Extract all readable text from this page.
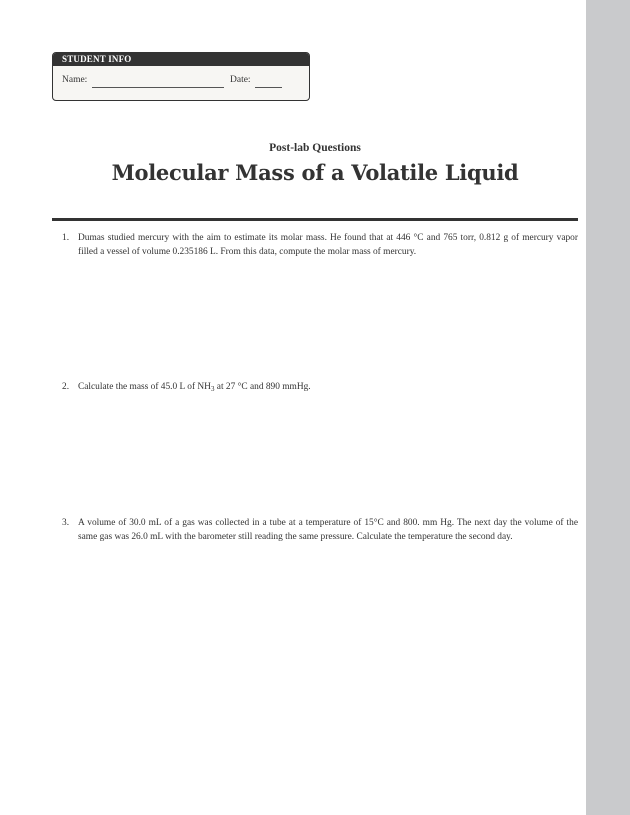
STUDENT INFO
Name:	Date:
Post-lab Questions
Molecular Mass of a Volatile Liquid
1. Dumas studied mercury with the aim to estimate its molar mass. He found that at 446 °C and 765 torr, 0.812 g of mercury vapor filled a vessel of volume 0.235186 L. From this data, compute the molar mass of mercury.
2. Calculate the mass of 45.0 L of $NH_3$ at 27 °C and 890 mmHg.
3. A volume of 30.0 mL of a gas was collected in a tube at a temperature of 15°C and 800. mm Hg. The next day the volume of the same gas was 26.0 mL with the barometer still reading the same pressure. Calculate the temperature the second day.
